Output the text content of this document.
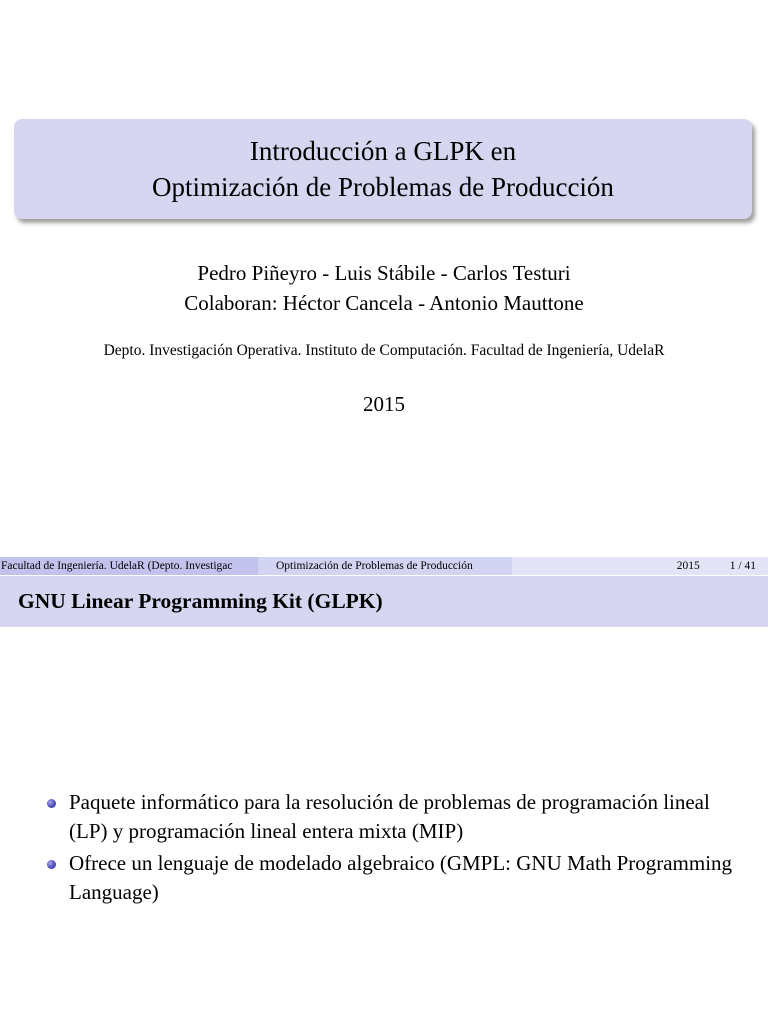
Introducción a GLPK en
Optimización de Problemas de Producción
Pedro Piñeyro - Luis Stábile - Carlos Testuri
Colaboran: Héctor Cancela - Antonio Mauttone
Depto. Investigación Operativa. Instituto de Computación. Facultad de Ingeniería, UdelaR
2015
Facultad de Ingeniería. UdelaR (Depto. Investigac	Optimización de Problemas de Producción	2015	1 / 41
GNU Linear Programming Kit (GLPK)
Paquete informático para la resolución de problemas de programación lineal (LP) y programación lineal entera mixta (MIP)
Ofrece un lenguaje de modelado algebraico (GMPL: GNU Math Programming Language)
